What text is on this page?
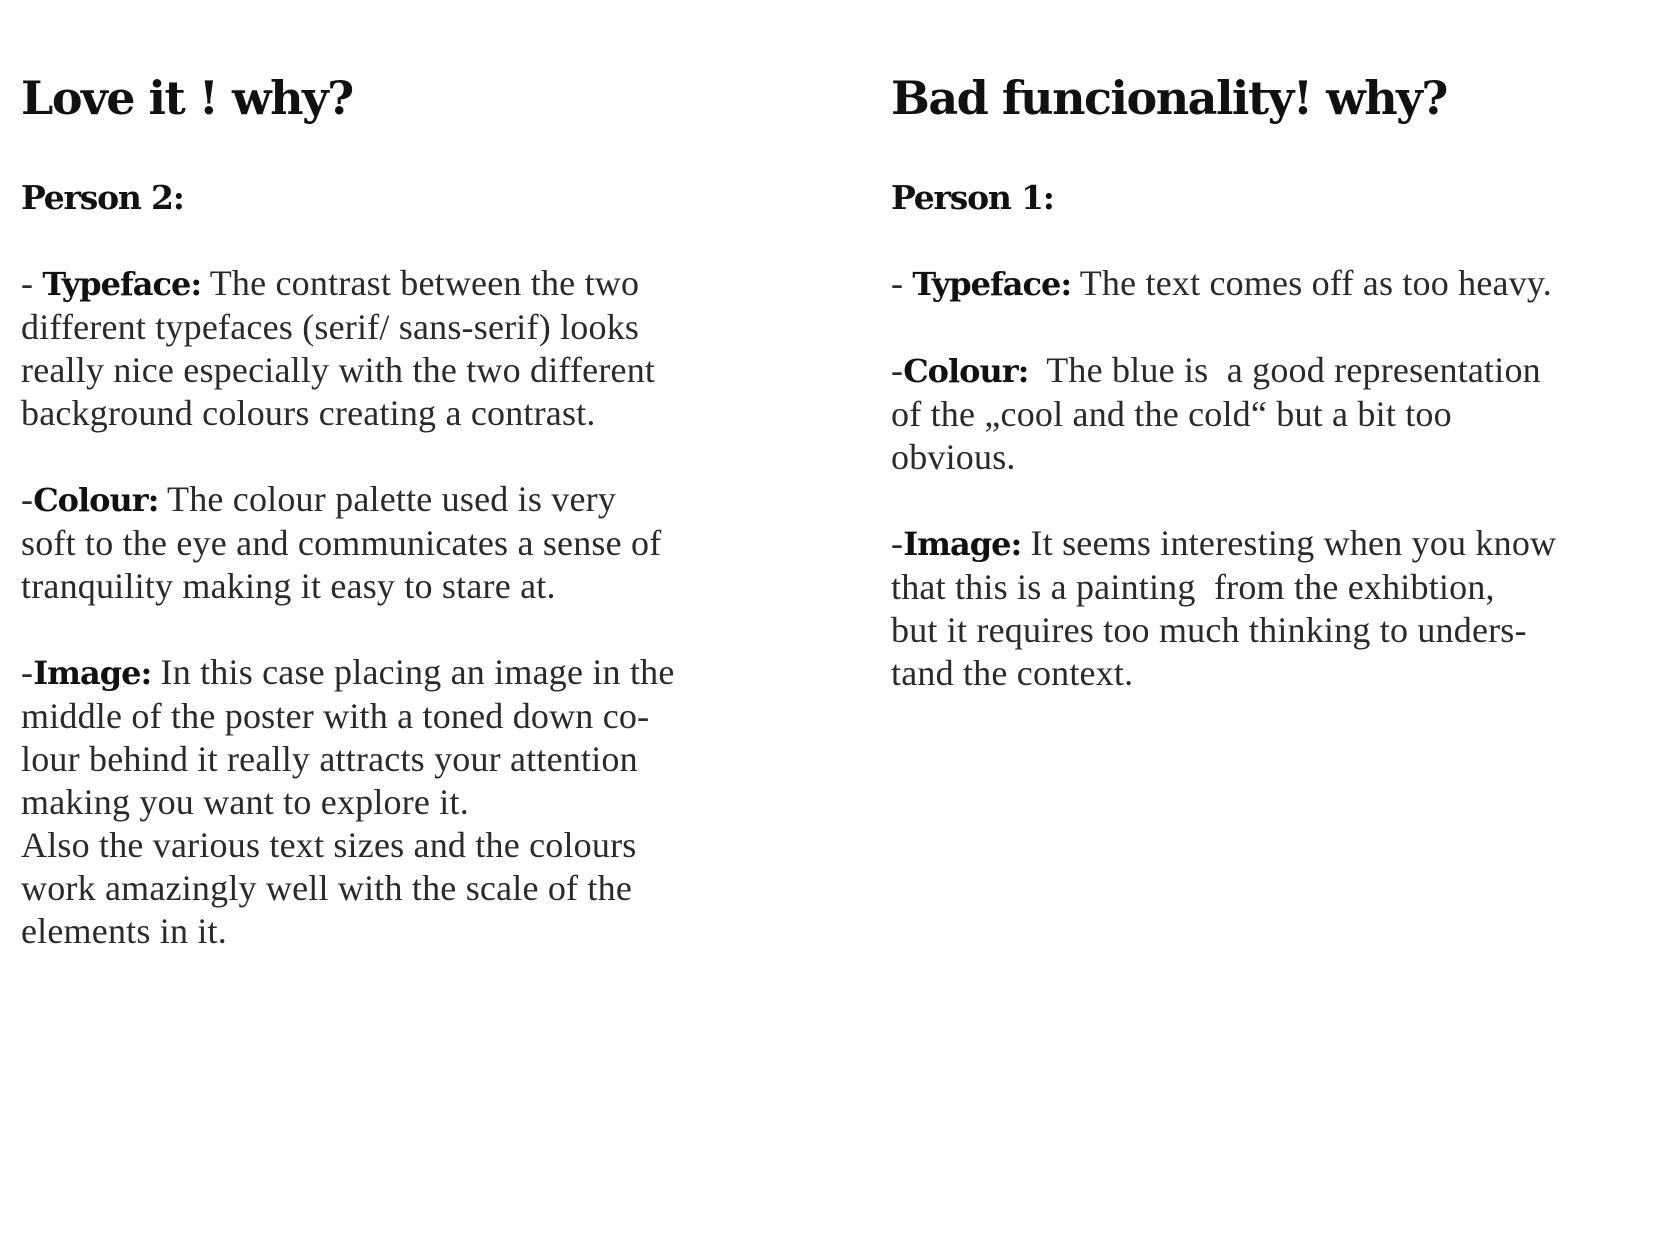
Love it ! why?
Person 2:

- Typeface: The contrast between the two
different typefaces (serif/ sans-serif) looks
really nice especially with the two different
background colours creating a contrast.

-Colour: The colour palette used is very
soft to the eye and communicates a sense of
tranquility making it easy to stare at.

-Image: In this case placing an image in the
middle of the poster with a toned down co-
lour behind it really attracts your attention
making you want to explore it.
Also the various text sizes and the colours
work amazingly well with the scale of the
elements in it.

Bad funcionality! why?
Person 1:

- Typeface: The text comes off as too heavy.

-Colour:  The blue is  a good representation
of the „cool and the cold“ but a bit too
obvious.

-Image: It seems interesting when you know
that this is a painting  from the exhibtion,
but it requires too much thinking to unders-
tand the context.
